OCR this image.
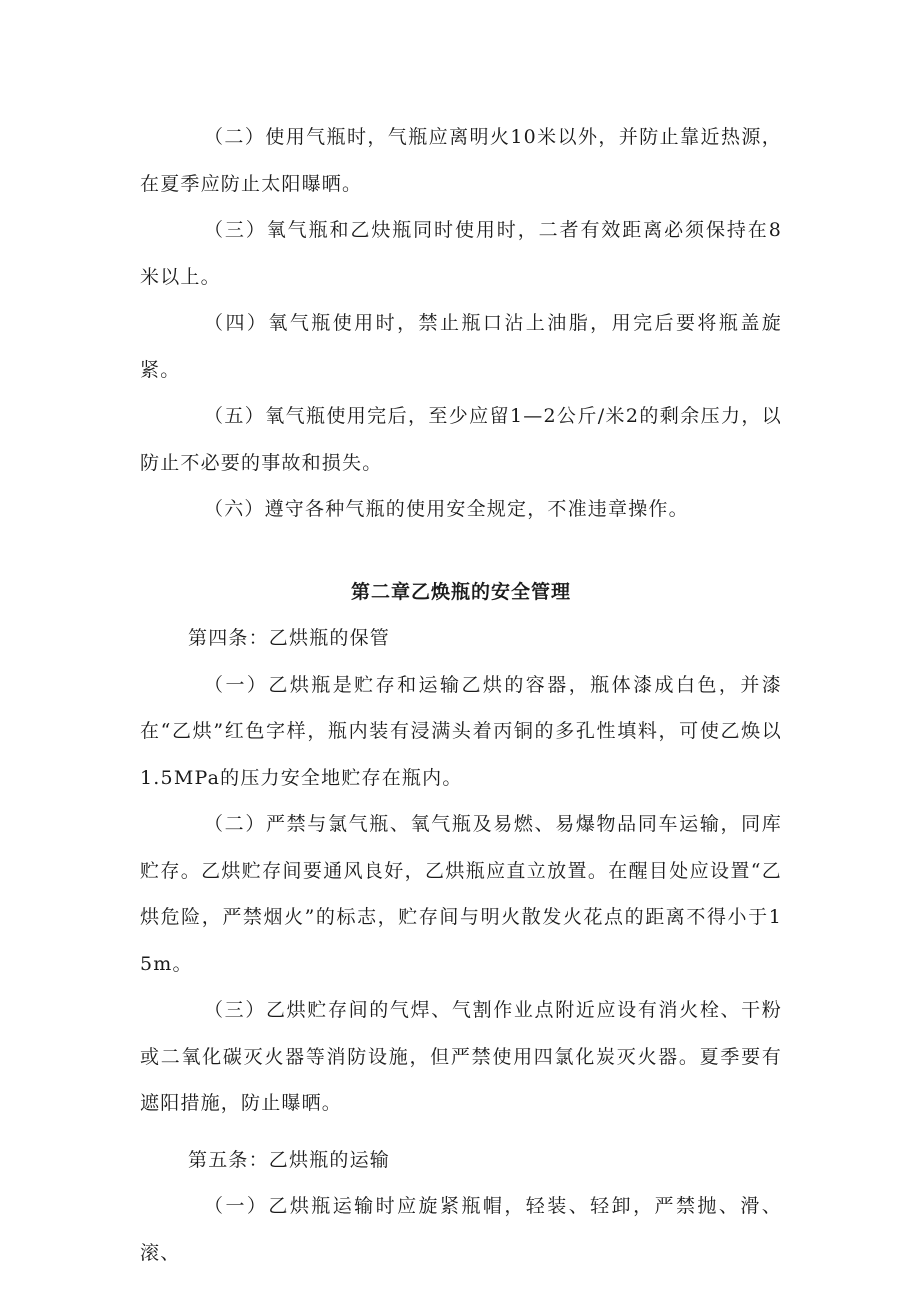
（二）使用气瓶时，气瓶应离明火10米以外，并防止靠近热源，在夏季应防止太阳曝晒。

（三）氧气瓶和乙炔瓶同时使用时，二者有效距离必须保持在8米以上。

（四）氧气瓶使用时，禁止瓶口沾上油脂，用完后要将瓶盖旋紧。

（五）氧气瓶使用完后，至少应留1—2公斤/米2的剩余压力，以防止不必要的事故和损失。

（六）遵守各种气瓶的使用安全规定，不准违章操作。

第二章乙焕瓶的安全管理

第四条：乙烘瓶的保管

（一）乙烘瓶是贮存和运输乙烘的容器，瓶体漆成白色，并漆在“乙烘”红色字样，瓶内装有浸满头着丙铜的多孔性填料，可使乙焕以1.5MPa的压力安全地贮存在瓶内。

（二）严禁与氯气瓶、氧气瓶及易燃、易爆物品同车运输，同库贮存。乙烘贮存间要通风良好，乙烘瓶应直立放置。在醒目处应设置“乙烘危险，严禁烟火”的标志，贮存间与明火散发火花点的距离不得小于15m。

（三）乙烘贮存间的气焊、气割作业点附近应设有消火栓、干粉或二氧化碳灭火器等消防设施，但严禁使用四氯化炭灭火器。夏季要有遮阳措施，防止曝晒。

第五条：乙烘瓶的运输

（一）乙烘瓶运输时应旋紧瓶帽，轻装、轻卸，严禁抛、滑、滚、
